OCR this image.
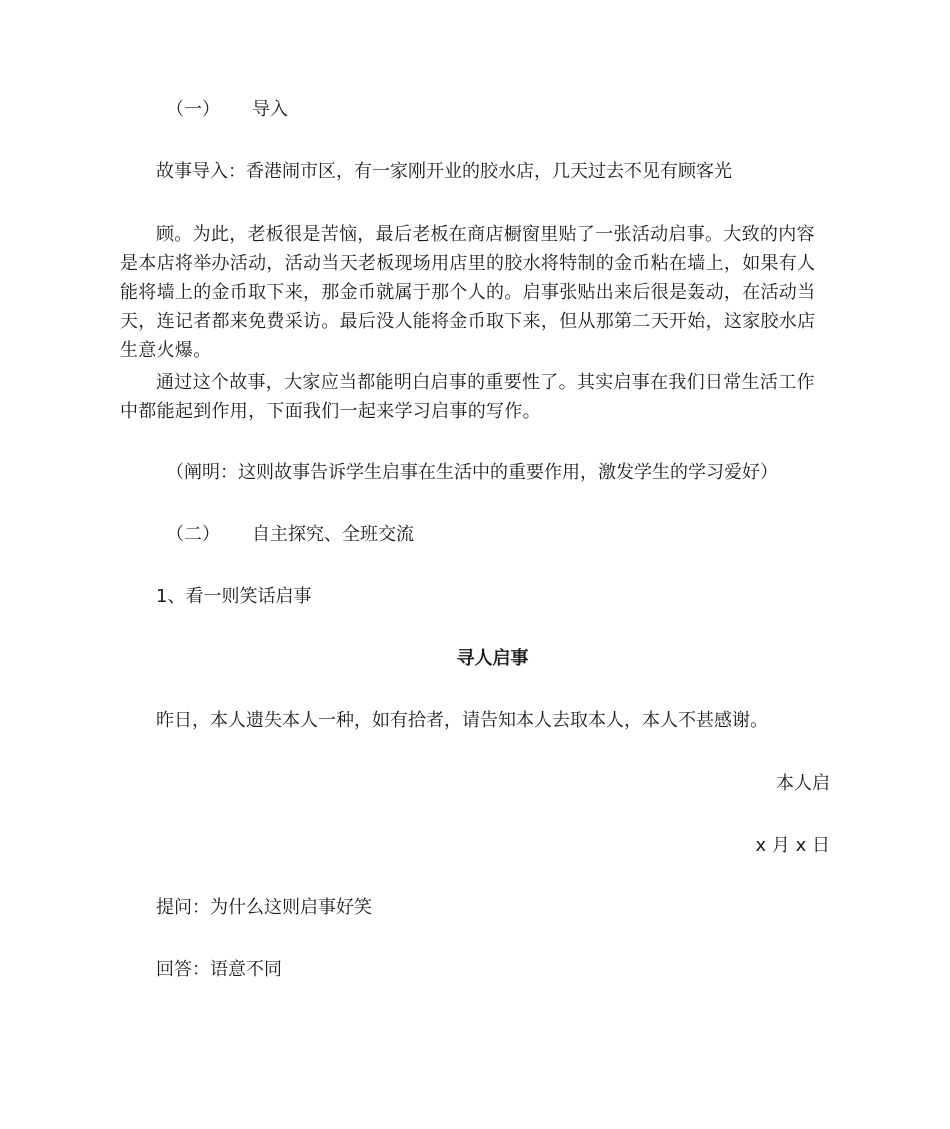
（一） 导入
故事导入：香港闹市区，有一家刚开业的胶水店，几天过去不见有顾客光
顾。为此，老板很是苦恼，最后老板在商店橱窗里贴了一张活动启事。大致的内容是本店将举办活动，活动当天老板现场用店里的胶水将特制的金币粘在墙上，如果有人能将墙上的金币取下来，那金币就属于那个人的。启事张贴出来后很是轰动，在活动当天，连记者都来免费采访。最后没人能将金币取下来，但从那第二天开始，这家胶水店生意火爆。
通过这个故事，大家应当都能明白启事的重要性了。其实启事在我们日常生活工作中都能起到作用，下面我们一起来学习启事的写作。
（阐明：这则故事告诉学生启事在生活中的重要作用，激发学生的学习爱好）
（二） 自主探究、全班交流
1、看一则笑话启事
寻人启事
昨日，本人遗失本人一种，如有拾者，请告知本人去取本人，本人不甚感谢。
本人启
x 月 x 日
提问：为什么这则启事好笑
回答：语意不同
